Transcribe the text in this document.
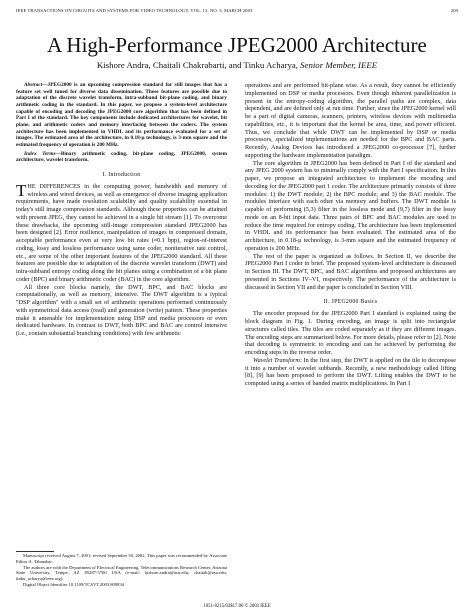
IEEE TRANSACTIONS ON CIRCUITS AND SYSTEMS FOR VIDEO TECHNOLOGY, VOL. 13, NO. 3, MARCH 2003	209
A High-Performance JPEG2000 Architecture
Kishore Andra, Chaitali Chakrabarti, and Tinku Acharya, Senior Member, IEEE

Abstract—JPEG2000 is an upcoming compression standard for still images that has a feature set well tuned for diverse data dissemination. These features are possible due to adaptation of the discrete wavelet transform, intra-subband bit-plane coding, and binary arithmetic coding in the standard. In this paper, we propose a system-level architecture capable of encoding and decoding the JPEG2000 core algorithm that has been defined in Part I of the standard. The key components include dedicated architectures for wavelet, bit plane, and arithmetic coders and memory interfacing between the coders. The system architecture has been implemented in VHDL and its performance evaluated for a set of images. The estimated area of the architecture, in 0.18-μ technology, is 3-mm square and the estimated frequency of operation is 200 MHz.

Index Terms—Binary arithmetic coding, bit-plane coding, JPEG2000, system architecture, wavelet transform.

I. Introduction

THE DIFFERENCES in the computing power, bandwidth and memory of wireless and wired devices, as well as emergence of diverse imaging application requirements, have made resolution scalability and quality scalability essential in today's still image compression standards. Although these properties can be attained with present JPEG, they cannot be achieved in a single bit stream [1]. To overcome these drawbacks, the upcoming still-image compression standard JPEG2000 has been designed [2]. Error resilience, manipulation of images in compressed domain, acceptable performance even at very low bit rates (≈0.1 bpp), region-of-interest coding, lossy and lossless performance using same coder, noniterative rate control, etc., are some of the other important features of the JPEG2000 standard. All these features are possible due to adaptation of the discrete wavelet transform (DWT) and intra-subband entropy coding along the bit planes using a combination of a bit plane coder (BPC) and binary arithmetic coder (BAC) in the core algorithm.

All three core blocks namely, the DWT, BPC, and BAC blocks are computationally, as well as memory, intensive. The DWT algorithm is a typical "DSP algorithm" with a small set of arithmetic operations performed continuously with symmetrical data access (read) and generation (write) pattern. These properties make it amenable for implementation using DSP and media processors or even dedicated hardware. In contrast to DWT, both BPC and BAC are control intensive (i.e., contain substantial branching conditions) with few arithmetic

Manuscript received August 7, 2001; revised September 30, 2002. This paper was recommended by Associate Editor A. Tabatabai.

The authors are with the Department of Electrical Engineering, Telecommunications Research Center, Arizona State University, Tempe, AZ 85287-5706 USA (e-mail: kishore.andra@asu.edu; chaitali@asu.edu; tinku_acharya@ieee.org).

Digital Object Identifier 10.1109/TCSVT.2003.809834

operations and are performed bit-plane wise. As a result, they cannot be efficiently implemented on DSP or media processors. Even though inherent parallelization is present in the entropy-coding algorithm, the parallel paths are complex, data dependent, and are defined only at run time. Further, since the JPEG2000 kernel will be a part of digital cameras, scanners, printers, wireless devices with multimedia capabilities, etc., it is important that the kernel be area, time, and power efficient. Thus, we conclude that while DWT can be implemented by DSP or media processors, specialized implementations are needed for the BPC and BAC parts. Recently, Analog Devices has introduced a JPEG2000 co-processor [7], further supporting the hardware implementation paradigm.

The core algorithm in JPEG2000 has been defined in Part I of the standard and any JPEG 2000 system has to minimally comply with the Part I specification. In this paper, we propose an integrated architecture to implement the encoding and decoding for the JPEG2000 part 1 coder. The architecture primarily consists of three modules: 1) the DWT module; 2) the BPC module; and 3) the BAC module. The modules interface with each other via memory and buffers. The DWT module is capable of performing (5,3) filter in the lossless mode and (9,7) filter in the lossy mode on an 8-bit input data. Three pairs of BPC and BAC modules are used to reduce the time required for entropy coding. The architecture has been implemented in VHDL and its performance has been evaluated. The estimated area of the architecture, in 0.18-μ technology, is 3-mm square and the estimated frequency of operation is 200 MHz.

The rest of the paper is organized as follows. In Section II, we describe the JPEG2000 Part I coder in brief. The proposed system-level architecture is discussed in Section III. The DWT, BPC, and BAC algorithms and proposed architectures are presented in Sections IV–VI, respectively. The performance of the architecture is discussed in Section VII and the paper is concluded in Section VIII.

II. JPEG2000 Basics

The encoder proposed for the JPEG2000 Part I standard is explained using the block diagram in Fig. 1. During encoding, an image is split into rectangular structures called tiles. The tiles are coded separately as if they are different images. The encoding steps are summarized below. For more details, please refer to [2]. Note that decoding is symmetric to encoding and can be achieved by performing the encoding steps in the reverse order.

Wavelet Transform: In the first step, the DWT is applied on the tile to decompose it into a number of wavelet subbands. Recently, a new methodology called lifting [8], [9] has been proposed to perform the DWT. Lifting enables the DWT to be computed using a series of banded matrix multiplications. In Part I

1051-8215/03$17.00 © 2003 IEEE
